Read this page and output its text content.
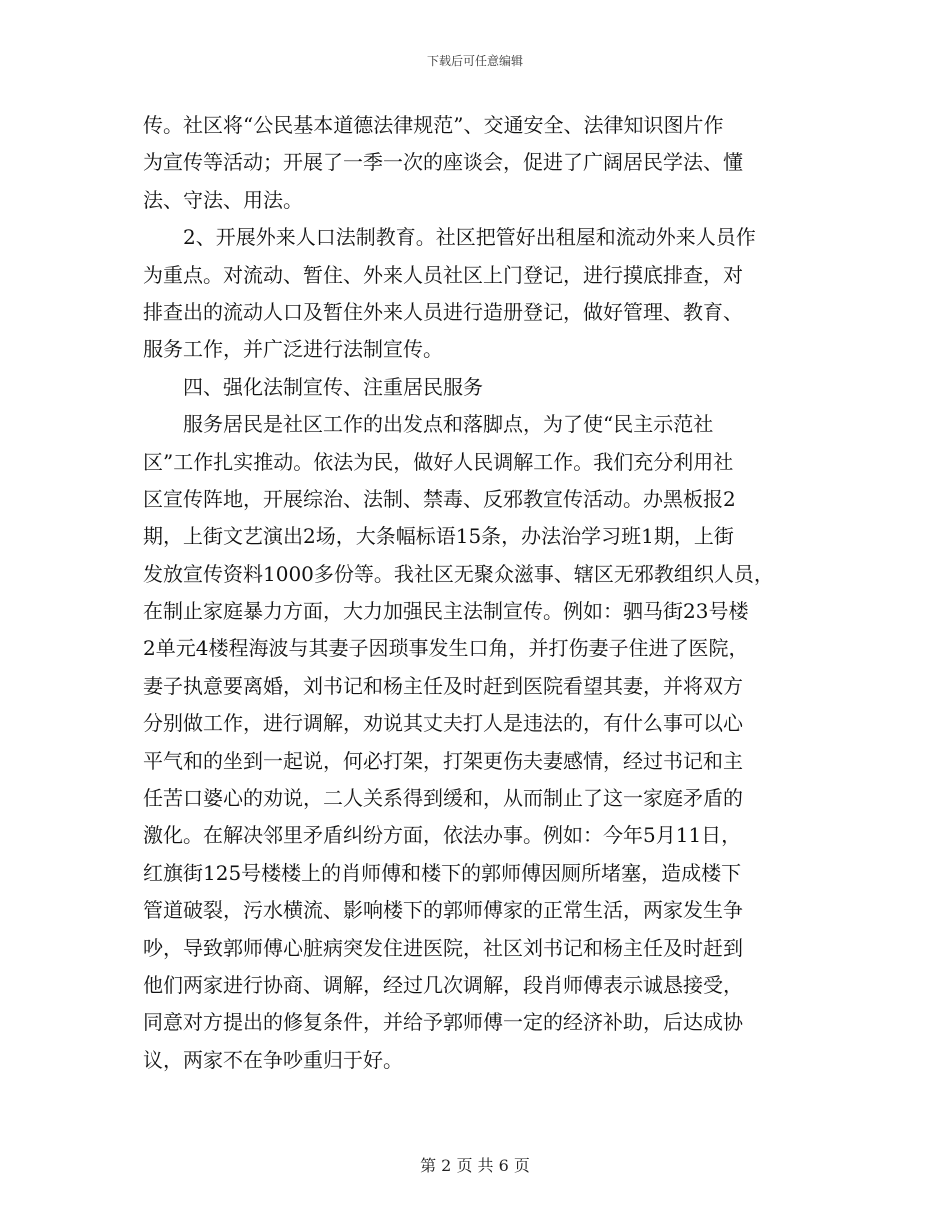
下载后可任意编辑
传。社区将“公民基本道德法律规范”、交通安全、法律知识图片作
为宣传等活动；开展了一季一次的座谈会，促进了广阔居民学法、懂
法、守法、用法。
　　2、开展外来人口法制教育。社区把管好出租屋和流动外来人员作
为重点。对流动、暂住、外来人员社区上门登记，进行摸底排查，对
排查出的流动人口及暂住外来人员进行造册登记，做好管理、教育、
服务工作，并广泛进行法制宣传。
　　四、强化法制宣传、注重居民服务
　　服务居民是社区工作的出发点和落脚点，为了使“民主示范社
区”工作扎实推动。依法为民，做好人民调解工作。我们充分利用社
区宣传阵地，开展综治、法制、禁毒、反邪教宣传活动。办黑板报2
期，上街文艺演出2场，大条幅标语15条，办法治学习班1期，上街
发放宣传资料1000多份等。我社区无聚众滋事、辖区无邪教组织人员，
在制止家庭暴力方面，大力加强民主法制宣传。例如：驷马街23号楼
2单元4楼程海波与其妻子因琐事发生口角，并打伤妻子住进了医院，
妻子执意要离婚，刘书记和杨主任及时赶到医院看望其妻，并将双方
分别做工作，进行调解，劝说其丈夫打人是违法的，有什么事可以心
平气和的坐到一起说，何必打架，打架更伤夫妻感情，经过书记和主
任苦口婆心的劝说，二人关系得到缓和，从而制止了这一家庭矛盾的
激化。在解决邻里矛盾纠纷方面，依法办事。例如：今年5月11日，
红旗街125号楼楼上的肖师傅和楼下的郭师傅因厕所堵塞，造成楼下
管道破裂，污水横流、影响楼下的郭师傅家的正常生活，两家发生争
吵，导致郭师傅心脏病突发住进医院，社区刘书记和杨主任及时赶到
他们两家进行协商、调解，经过几次调解，段肖师傅表示诚恳接受，
同意对方提出的修复条件，并给予郭师傅一定的经济补助，后达成协
议，两家不在争吵重归于好。
第 2 页 共 6 页
